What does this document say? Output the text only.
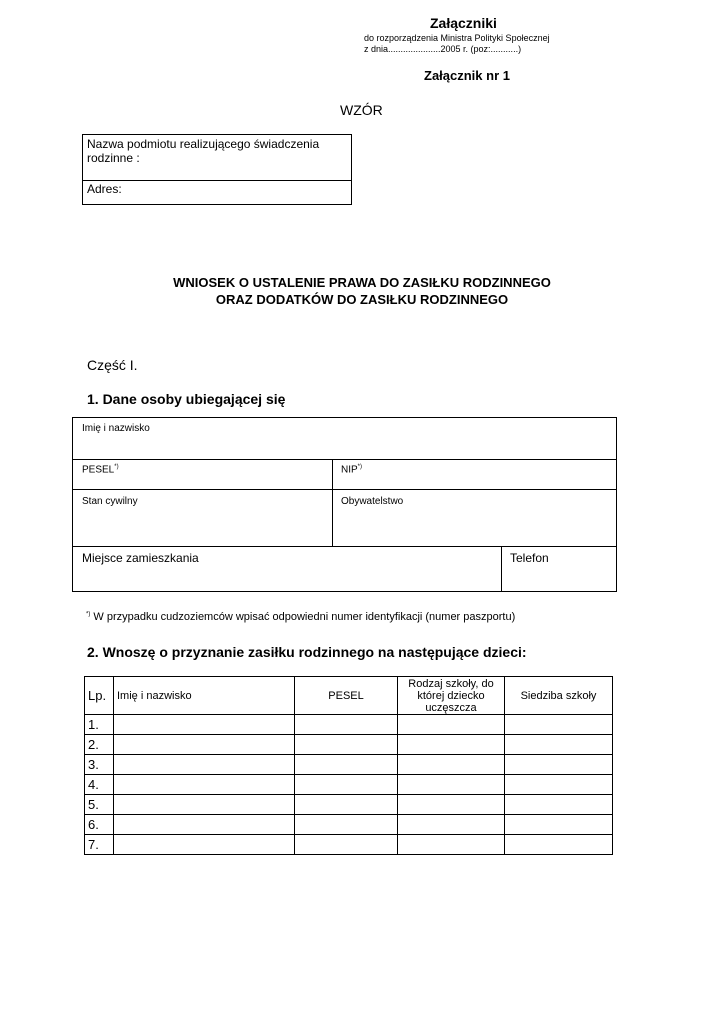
Załączniki
do rozporządzenia Ministra Polityki Społecznej
z dnia.....................2005 r. (poz:...........)
Załącznik nr 1
WZÓR
Nazwa podmiotu realizującego świadczenia rodzinne :
Adres:
WNIOSEK O USTALENIE PRAWA DO ZASIŁKU RODZINNEGO
ORAZ DODATKÓW DO ZASIŁKU RODZINNEGO
Część I.
1. Dane osoby ubiegającej się
Imię i nazwisko
PESEL*)	NIP*)
Stan cywilny	Obywatelstwo
Miejsce zamieszkania	Telefon
*) W przypadku cudzoziemców wpisać odpowiedni numer identyfikacji (numer paszportu)
2. Wnoszę o przyznanie zasiłku rodzinnego na następujące dzieci:
Lp.	Imię i nazwisko	PESEL	Rodzaj szkoły, do której dziecko uczęszcza	Siedziba szkoły
1.				
2.				
3.				
4.				
5.				
6.				
7.				
